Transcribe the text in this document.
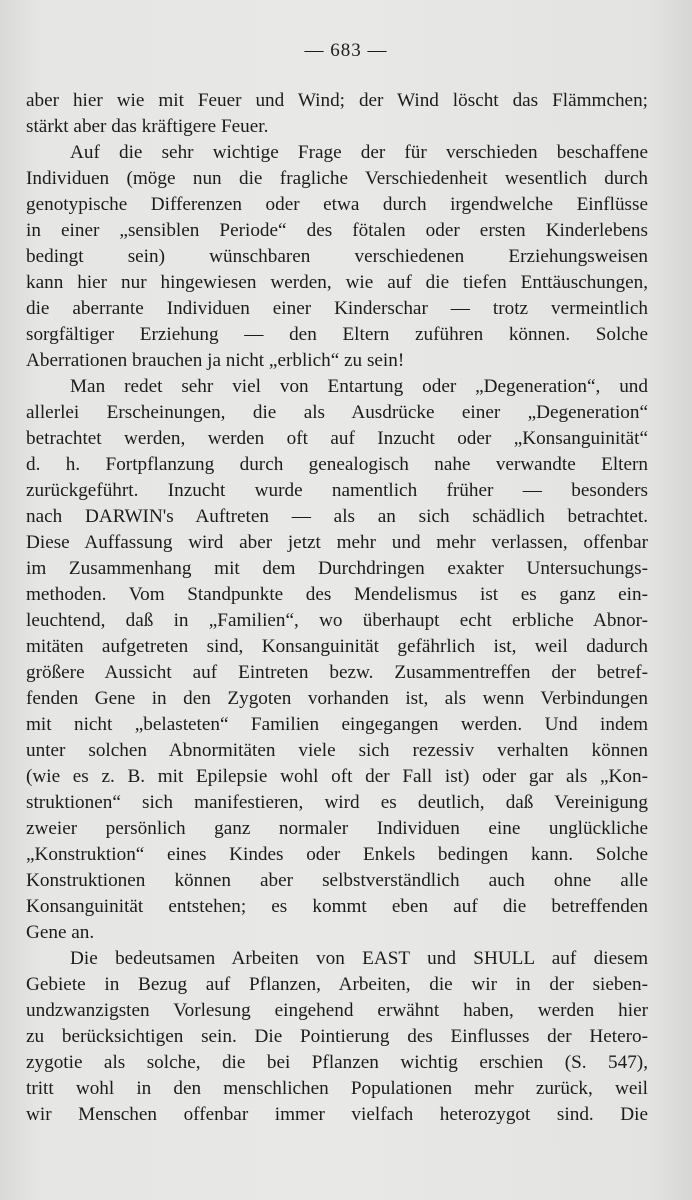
— 683 —
aber hier wie mit Feuer und Wind; der Wind löscht das Flämmchen;
stärkt aber das kräftigere Feuer.
Auf die sehr wichtige Frage der für verschieden beschaffene
Individuen (möge nun die fragliche Verschiedenheit wesentlich durch
genotypische Differenzen oder etwa durch irgendwelche Einflüsse
in einer „sensiblen Periode“ des fötalen oder ersten Kinderlebens
bedingt sein) wünschbaren verschiedenen Erziehungsweisen
kann hier nur hingewiesen werden, wie auf die tiefen Enttäuschungen,
die aberrante Individuen einer Kinderschar — trotz vermeintlich
sorgfältiger Erziehung — den Eltern zuführen können. Solche
Aberrationen brauchen ja nicht „erblich“ zu sein!
Man redet sehr viel von Entartung oder „Degeneration“, und
allerlei Erscheinungen, die als Ausdrücke einer „Degeneration“
betrachtet werden, werden oft auf Inzucht oder „Konsanguinität“
d. h. Fortpflanzung durch genealogisch nahe verwandte Eltern
zurückgeführt. Inzucht wurde namentlich früher — besonders
nach DARWIN's Auftreten — als an sich schädlich betrachtet.
Diese Auffassung wird aber jetzt mehr und mehr verlassen, offenbar
im Zusammenhang mit dem Durchdringen exakter Untersuchungs-
methoden. Vom Standpunkte des Mendelismus ist es ganz ein-
leuchtend, daß in „Familien“, wo überhaupt echt erbliche Abnor-
mitäten aufgetreten sind, Konsanguinität gefährlich ist, weil dadurch
größere Aussicht auf Eintreten bezw. Zusammentreffen der betref-
fenden Gene in den Zygoten vorhanden ist, als wenn Verbindungen
mit nicht „belasteten“ Familien eingegangen werden. Und indem
unter solchen Abnormitäten viele sich rezessiv verhalten können
(wie es z. B. mit Epilepsie wohl oft der Fall ist) oder gar als „Kon-
struktionen“ sich manifestieren, wird es deutlich, daß Vereinigung
zweier persönlich ganz normaler Individuen eine unglückliche
„Konstruktion“ eines Kindes oder Enkels bedingen kann. Solche
Konstruktionen können aber selbstverständlich auch ohne alle
Konsanguinität entstehen; es kommt eben auf die betreffenden
Gene an.
Die bedeutsamen Arbeiten von EAST und SHULL auf diesem
Gebiete in Bezug auf Pflanzen, Arbeiten, die wir in der sieben-
undzwanzigsten Vorlesung eingehend erwähnt haben, werden hier
zu berücksichtigen sein. Die Pointierung des Einflusses der Hetero-
zygotie als solche, die bei Pflanzen wichtig erschien (S. 547),
tritt wohl in den menschlichen Populationen mehr zurück, weil
wir Menschen offenbar immer vielfach heterozygot sind. Die
